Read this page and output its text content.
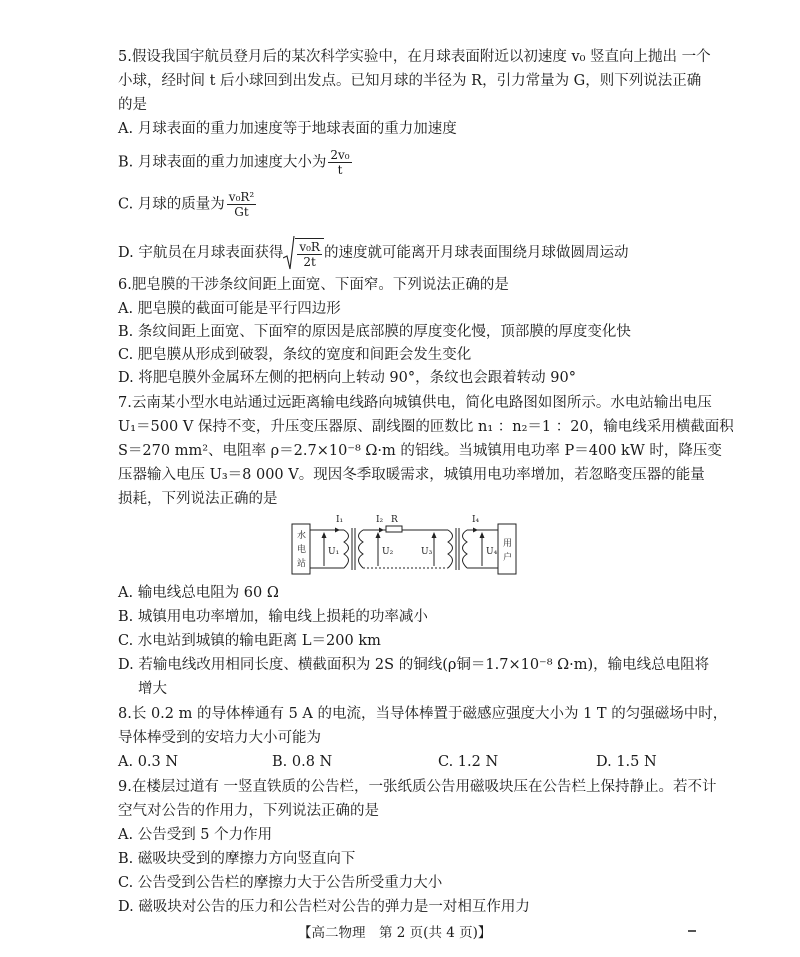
5.假设我国宇航员登月后的某次科学实验中，在月球表面附近以初速度 v₀ 竖直向上抛出 一个
小球，经时间 t 后小球回到出发点。已知月球的半径为 R，引力常量为 G，则下列说法正确
的是
A. 月球表面的重力加速度等于地球表面的重力加速度
B. 月球表面的重力加速度大小为 $\frac{\text{2v₀}}{t}$
C. 月球的质量为 $\frac{\text{v₀R²}}{Gt}$
D. 宇航员在月球表面获得 $\frac{\text{v₀R}}{2t}$ 的速度就可能离开月球表面围绕月球做圆周运动
6.肥皂膜的干涉条纹间距上面宽、下面窄。下列说法正确的是
A. 肥皂膜的截面可能是平行四边形
B. 条纹间距上面宽、下面窄的原因是底部膜的厚度变化慢，顶部膜的厚度变化快
C. 肥皂膜从形成到破裂，条纹的宽度和间距会发生变化
D. 将肥皂膜外金属环左侧的把柄向上转动 90°，条纹也会跟着转动 90°
7.云南某小型水电站通过远距离输电线路向城镇供电，简化电路图如图所示。水电站输出电压
U₁＝500 V 保持不变，升压变压器原、副线圈的匝数比 n₁ ：n₂＝1 ：20，输电线采用横截面积
S＝270 mm²、电阻率 ρ＝2.7×10⁻⁸ Ω·m 的铝线。当城镇用电功率 P＝400 kW 时，降压变
压器输入电压 U₃＝8 000 V。现因冬季取暖需求，城镇用电功率增加，若忽略变压器的能量
损耗，下列说法正确的是
水
电
站
用
户
I₁	I₂ R	I₄
U₁	U₂	U₃	U₄
A. 输电线总电阻为 60 Ω
B. 城镇用电功率增加，输电线上损耗的功率减小
C. 水电站到城镇的输电距离 L＝200 km
D. 若输电线改用相同长度、横截面积为 2S 的铜线(ρ铜＝1.7×10⁻⁸ Ω·m)，输电线总电阻将
增大
8.长 0.2 m 的导体棒通有 5 A 的电流，当导体棒置于磁感应强度大小为 1 T 的匀强磁场中时，
导体棒受到的安培力大小可能为
A. 0.3 N	B. 0.8 N	C. 1.2 N	D. 1.5 N
9.在楼层过道有 一竖直铁质的公告栏，一张纸质公告用磁吸块压在公告栏上保持静止。若不计
空气对公告的作用力，下列说法正确的是
A. 公告受到 5 个力作用
B. 磁吸块受到的摩擦力方向竖直向下
C. 公告受到公告栏的摩擦力大于公告所受重力大小
D. 磁吸块对公告的压力和公告栏对公告的弹力是一对相互作用力
【高二物理　第 2 页(共 4 页)】
